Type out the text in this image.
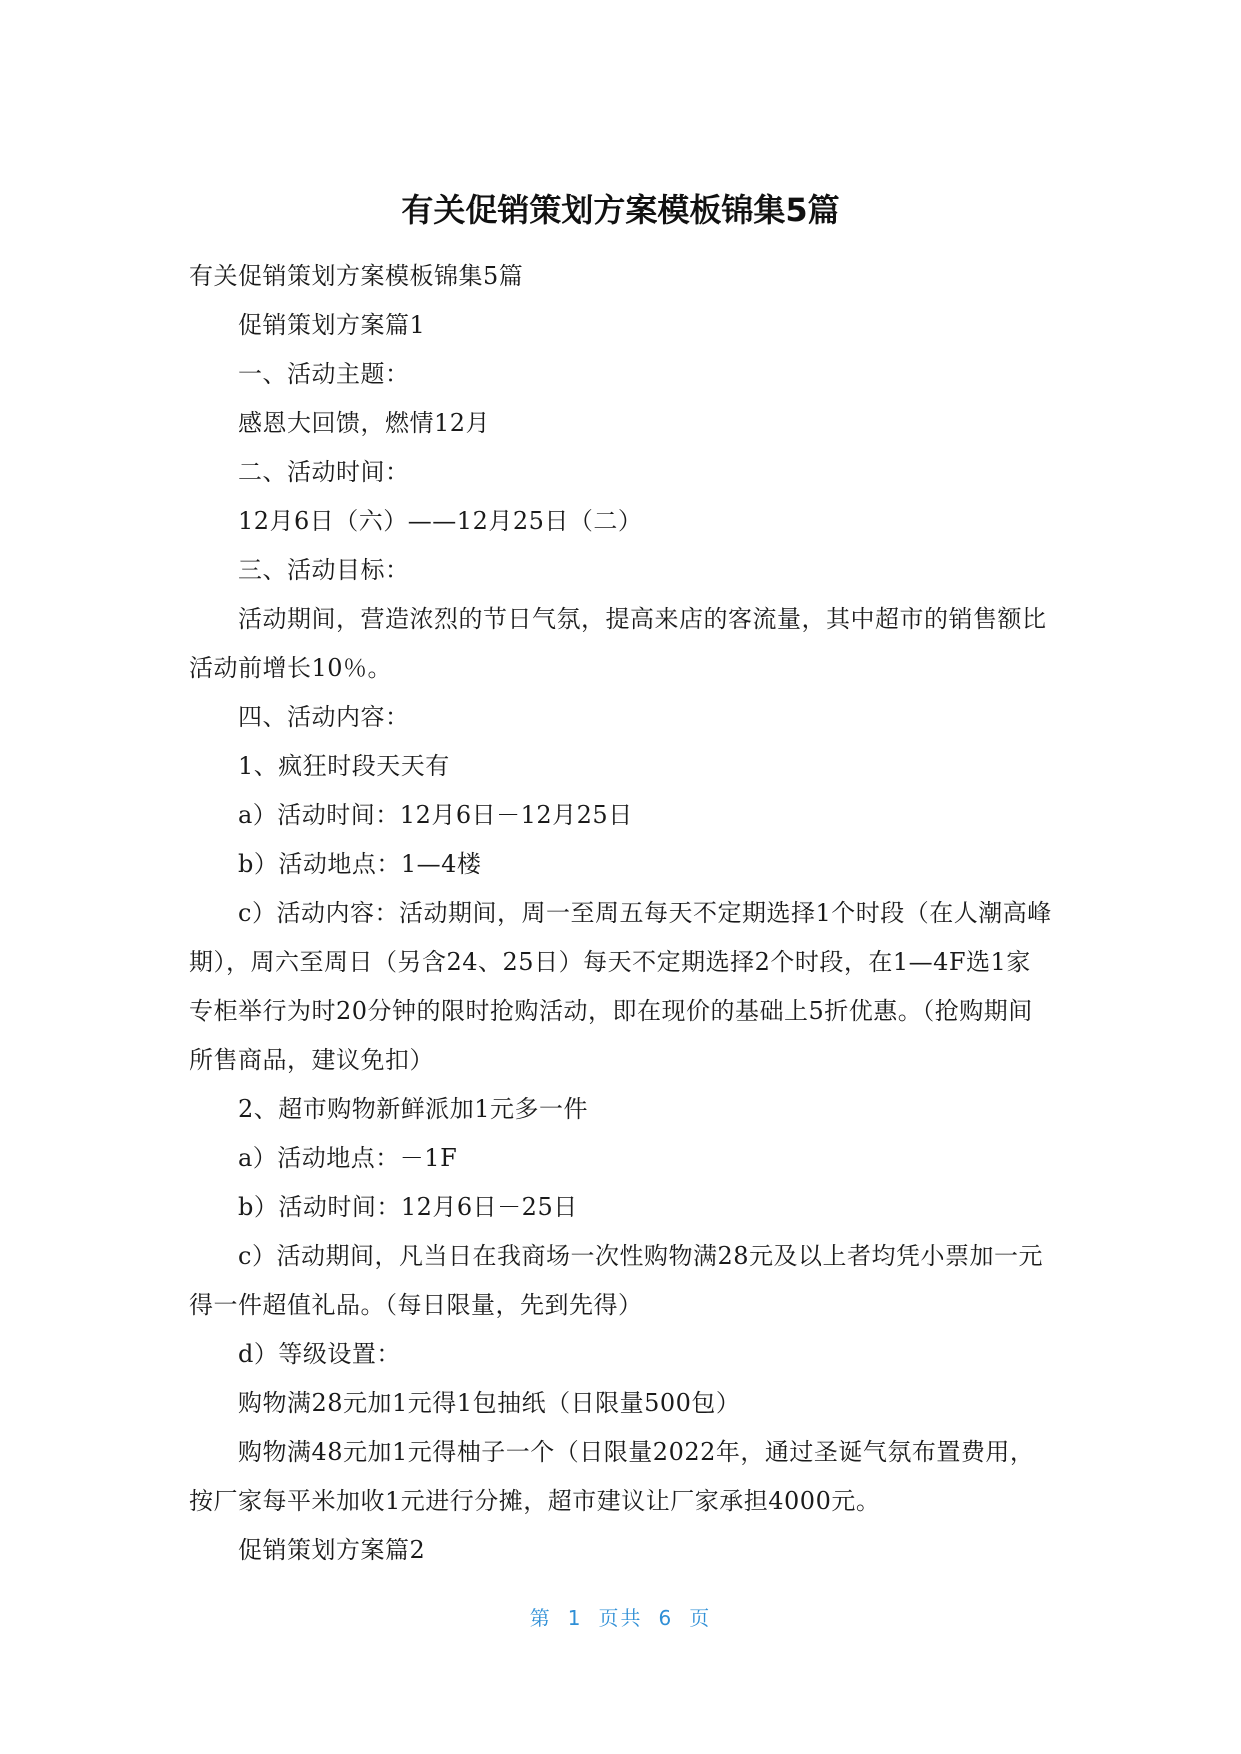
有关促销策划方案模板锦集5篇

有关促销策划方案模板锦集5篇

促销策划方案篇1

一、活动主题：

感恩大回馈，燃情12月

二、活动时间：

12月6日（六）——12月25日（二）

三、活动目标：

活动期间，营造浓烈的节日气氛，提高来店的客流量，其中超市的销售额比活动前增长10％。

四、活动内容：

1、疯狂时段天天有

a）活动时间：12月6日－12月25日

b）活动地点：1—4楼

c）活动内容：活动期间，周一至周五每天不定期选择1个时段（在人潮高峰期），周六至周日（另含24、25日）每天不定期选择2个时段，在1—4F选1家专柜举行为时20分钟的限时抢购活动，即在现价的基础上5折优惠。（抢购期间所售商品，建议免扣）

2、超市购物新鲜派加1元多一件

a）活动地点：－1F

b）活动时间：12月6日－25日

c）活动期间，凡当日在我商场一次性购物满28元及以上者均凭小票加一元得一件超值礼品。（每日限量，先到先得）

d）等级设置：

购物满28元加1元得1包抽纸（日限量500包）

购物满48元加1元得柚子一个（日限量2022年，通过圣诞气氛布置费用，按厂家每平米加收1元进行分摊，超市建议让厂家承担4000元。

促销策划方案篇2

第 1 页共 6 页
